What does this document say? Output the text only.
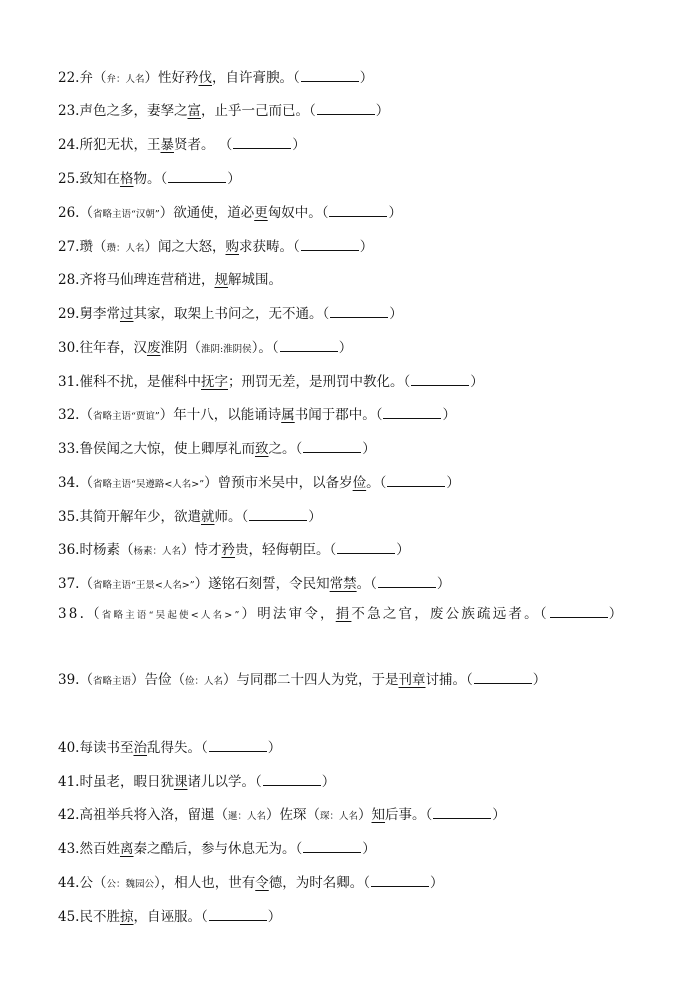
22.弁（弁：人名）性好矜伐，自许膏腴。（	）
23.声色之多，妻孥之富，止乎一己而已。（	）
24.所犯无状，王暴贤者。 （	）
25.致知在格物。（	）
26.（省略主语“汉朝”）欲通使，道必更匈奴中。（	）
27.瓒（瓒：人名）闻之大怒，购求获畴。（	）
28.齐将马仙琕连营稍进，规解城围。
29.舅李常过其家，取架上书问之，无不通。（	）
30.往年春，汉废淮阴（淮阴:淮阴侯）。（	）
31.催科不扰，是催科中抚字；刑罚无差，是刑罚中教化。（	）
32.（省略主语“贾谊”）年十八，以能诵诗属书闻于郡中。（	）
33.鲁侯闻之大惊，使上卿厚礼而致之。（	）
34.（省略主语“吴遵路<人名>”）曾预市米吴中，以备岁俭。（	）
35.其简开解年少，欲遣就师。（	）
36.时杨素（杨素：人名）恃才矜贵，轻侮朝臣。（	）
37.（省略主语“王景<人名>”）遂铭石刻誓，令民知常禁。（	）
38.（省略主语“吴起使<人名>”）明法审令，捐不急之官，废公族疏远者。（	）
39.（省略主语）告俭（俭：人名）与同郡二十四人为党，于是刊章讨捕。（	）
40.每读书至治乱得失。（	）
41.时虽老，暇日犹课诸儿以学。（	）
42.高祖举兵将入洛，留暹（暹：人名）佐琛（琛：人名）知后事。（	）
43.然百姓离秦之酷后，参与休息无为。（	）
44.公（公：魏园公），相人也，世有令德，为时名卿。（	）
45.民不胜掠，自诬服。（	）
